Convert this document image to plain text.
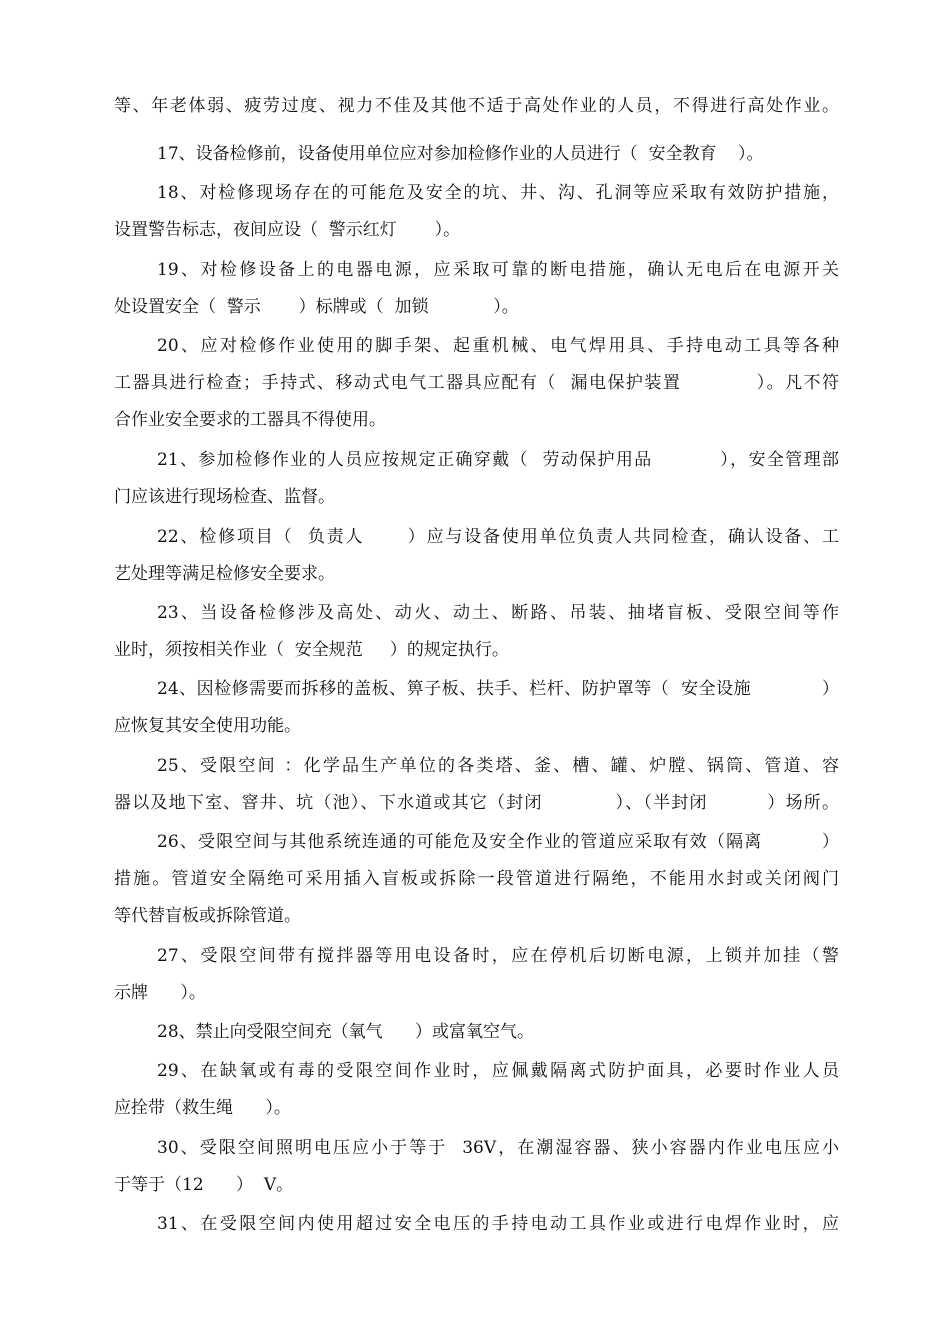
等、年老体弱、疲劳过度、视力不佳及其他不适于高处作业的人员，不得进行高处作业。
17、设备检修前，设备使用单位应对参加检修作业的人员进行（  安全教育    ）。
18、对检修现场存在的可能危及安全的坑、井、沟、孔洞等应采取有效防护措施，
设置警告标志，夜间应设（  警示红灯       ）。
19、对检修设备上的电器电源，应采取可靠的断电措施，确认无电后在电源开关
处设置安全（  警示       ）标牌或（  加锁            ）。
20、应对检修作业使用的脚手架、起重机械、电气焊用具、手持电动工具等各种
工器具进行检查；手持式、移动式电气工器具应配有（  漏电保护装置           ）。凡不符
合作业安全要求的工器具不得使用。
21、参加检修作业的人员应按规定正确穿戴（  劳动保护用品          ），安全管理部
门应该进行现场检查、监督。
22、检修项目（  负责人      ）应与设备使用单位负责人共同检查，确认设备、工
艺处理等满足检修安全要求。
23、当设备检修涉及高处、动火、动土、断路、吊装、抽堵盲板、受限空间等作
业时，须按相关作业（  安全规范     ）的规定执行。
24、因检修需要而拆移的盖板、箅子板、扶手、栏杆、防护罩等（  安全设施            ）
应恢复其安全使用功能。
25、受限空间 ：化学品生产单位的各类塔、釜、槽、罐、炉膛、锅筒、管道、容
器以及地下室、窨井、坑（池）、下水道或其它（封闭           ）、（半封闭         ）场所。
26、受限空间与其他系统连通的可能危及安全作业的管道应采取有效（隔离         ）
措施。管道安全隔绝可采用插入盲板或拆除一段管道进行隔绝，不能用水封或关闭阀门
等代替盲板或拆除管道。
27、受限空间带有搅拌器等用电设备时，应在停机后切断电源，上锁并加挂（警
示牌      ）。
28、禁止向受限空间充（氧气      ）或富氧空气。
29、在缺氧或有毒的受限空间作业时，应佩戴隔离式防护面具，必要时作业人员
应拴带（救生绳      ）。
30、受限空间照明电压应小于等于  36V，在潮湿容器、狭小容器内作业电压应小
于等于（12      ）  V。
31、在受限空间内使用超过安全电压的手持电动工具作业或进行电焊作业时，应
